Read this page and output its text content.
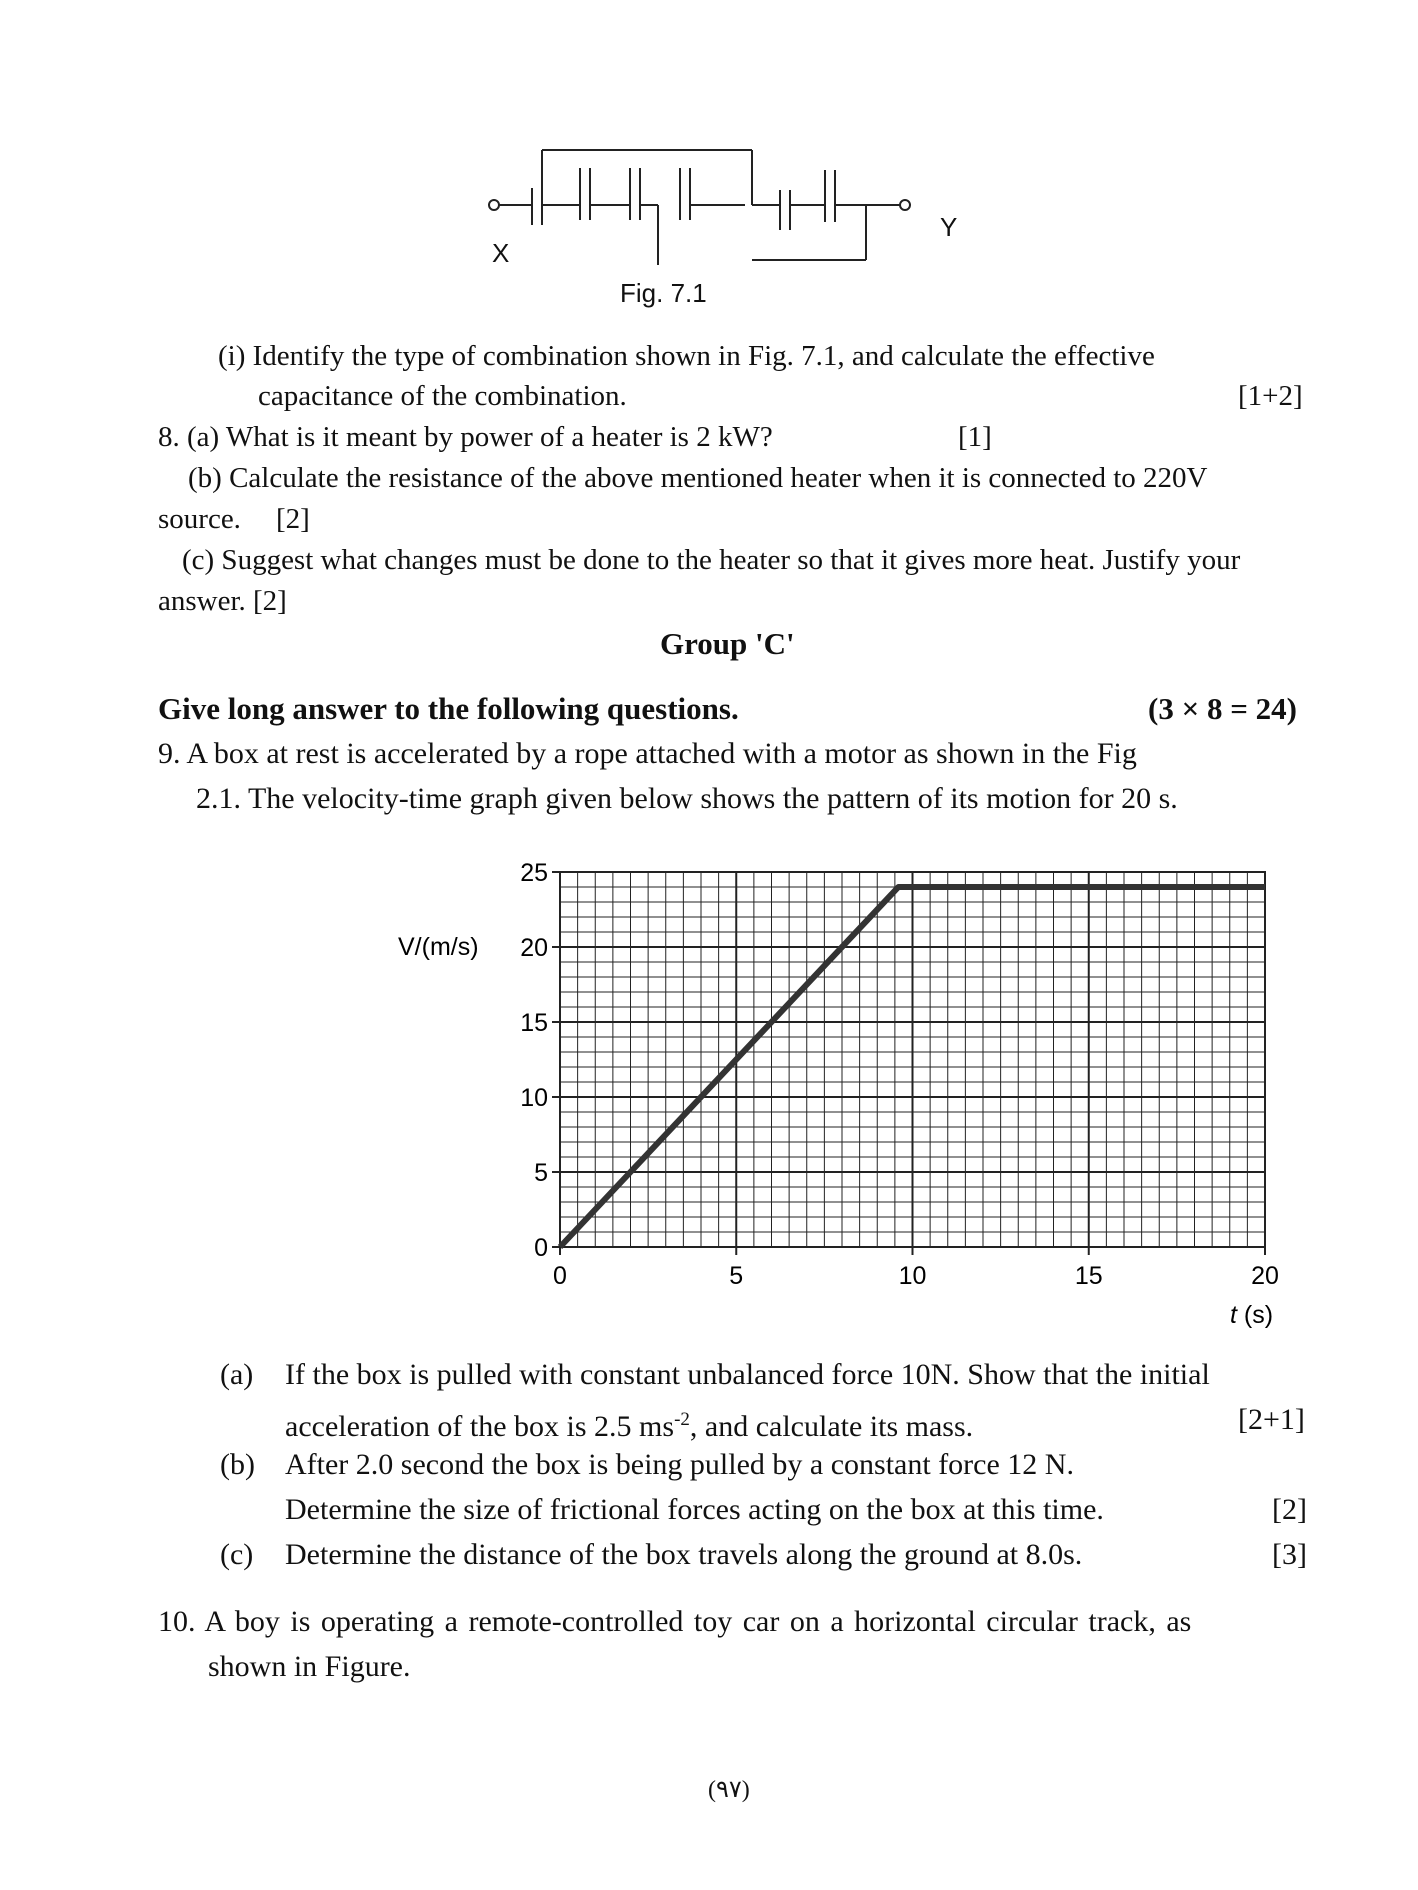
X
Y
Fig. 7.1
(i) Identify the type of combination shown in Fig. 7.1, and calculate the effective
capacitance of the combination.	[1+2]
8. (a) What is it meant by power of a heater is 2 kW?	[1]
(b) Calculate the resistance of the above mentioned heater when it is connected to 220V
source. [2]
(c) Suggest what changes must be done to the heater so that it gives more heat. Justify your
answer. [2]
Group 'C'
Give long answer to the following questions.	(3 × 8 = 24)
9. A box at rest is accelerated by a rope attached with a motor as shown in the Fig
2.1. The velocity-time graph given below shows the pattern of its motion for 20 s.
0
5
10
15
20
25
0	5	10	15	20
V/(m/s)
t (s)
(a) If the box is pulled with constant unbalanced force 10N. Show that the initial
acceleration of the box is 2.5 $ms^{-2}$, and calculate its mass.	[2+1]
(b) After 2.0 second the box is being pulled by a constant force 12 N.
Determine the size of frictional forces acting on the box at this time.	[2]
(c) Determine the distance of the box travels along the ground at 8.0s.	[3]
10. A boy is operating a remote-controlled toy car on a horizontal circular track, as
shown in Figure.
(٩٧)
